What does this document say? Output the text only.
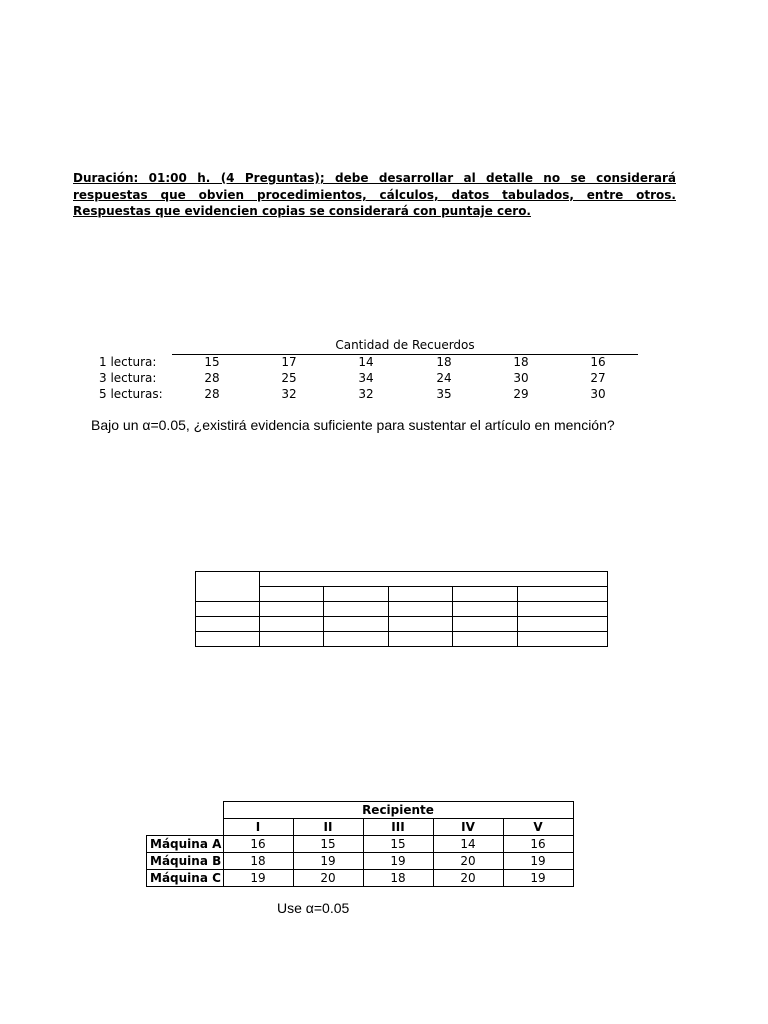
Duración: 01:00 h. (4 Preguntas); debe desarrollar al detalle no se considerará respuestas que obvien procedimientos, cálculos, datos tabulados, entre otros. Respuestas que evidencien copias se considerará con puntaje cero.
Cantidad de Recuerdos
1 lectura:	15	17	14	18	18	16
3 lectura:	28	25	34	24	30	27
5 lecturas:	28	32	32	35	29	30
Bajo un α=0.05, ¿existirá evidencia suficiente para sustentar el artículo en mención?

	Recipiente				
	I	II	III	IV	V
Máquina A	16	15	15	14	16
Máquina B	18	19	19	20	19
Máquina C	19	20	18	20	19
Use α=0.05
